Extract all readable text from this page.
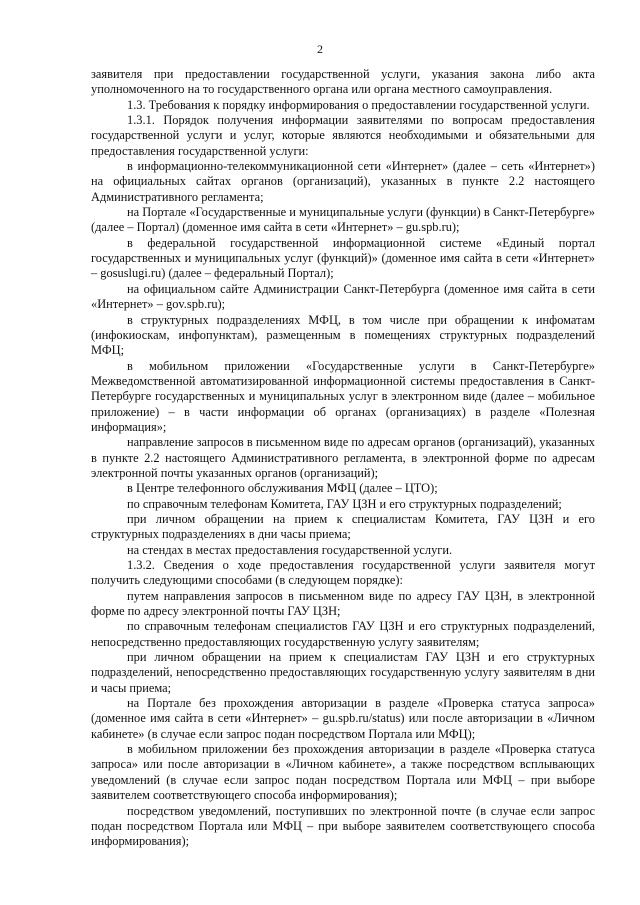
2

заявителя при предоставлении государственной услуги, указания закона либо акта уполномоченного на то государственного органа или органа местного самоуправления.

1.3. Требования к порядку информирования о предоставлении государственной услуги.

1.3.1. Порядок получения информации заявителями по вопросам предоставления государственной услуги и услуг, которые являются необходимыми и обязательными для предоставления государственной услуги:

в информационно-телекоммуникационной сети «Интернет» (далее – сеть «Интернет») на официальных сайтах органов (организаций), указанных в пункте 2.2 настоящего Административного регламента;

на Портале «Государственные и муниципальные услуги (функции) в Санкт-Петербурге» (далее – Портал) (доменное имя сайта в сети «Интернет» – gu.spb.ru);

в федеральной государственной информационной системе «Единый портал государственных и муниципальных услуг (функций)» (доменное имя сайта в сети «Интернет» – gosuslugi.ru) (далее – федеральный Портал);

на официальном сайте Администрации Санкт-Петербурга (доменное имя сайта в сети «Интернет» – gov.spb.ru);

в структурных подразделениях МФЦ, в том числе при обращении к инфоматам (инфокиоскам, инфопунктам), размещенным в помещениях структурных подразделений МФЦ;

в мобильном приложении «Государственные услуги в Санкт-Петербурге» Межведомственной автоматизированной информационной системы предоставления в Санкт-Петербурге государственных и муниципальных услуг в электронном виде (далее – мобильное приложение) – в части информации об органах (организациях) в разделе «Полезная информация»;

направление запросов в письменном виде по адресам органов (организаций), указанных в пункте 2.2 настоящего Административного регламента, в электронной форме по адресам электронной почты указанных органов (организаций);

в Центре телефонного обслуживания МФЦ (далее – ЦТО);

по справочным телефонам Комитета, ГАУ ЦЗН и его структурных подразделений;

при личном обращении на прием к специалистам Комитета, ГАУ ЦЗН и его структурных подразделениях в дни часы приема;

на стендах в местах предоставления государственной услуги.

1.3.2. Сведения о ходе предоставления государственной услуги заявителя могут получить следующими способами (в следующем порядке):

путем направления запросов в письменном виде по адресу ГАУ ЦЗН, в электронной форме по адресу электронной почты ГАУ ЦЗН;

по справочным телефонам специалистов ГАУ ЦЗН и его структурных подразделений, непосредственно предоставляющих государственную услугу заявителям;

при личном обращении на прием к специалистам ГАУ ЦЗН и его структурных подразделений, непосредственно предоставляющих государственную услугу заявителям в дни и часы приема;

на Портале без прохождения авторизации в разделе «Проверка статуса запроса» (доменное имя сайта в сети «Интернет» – gu.spb.ru/status) или после авторизации в «Личном кабинете» (в случае если запрос подан посредством Портала или МФЦ);

в мобильном приложении без прохождения авторизации в разделе «Проверка статуса запроса» или после авторизации в «Личном кабинете», а также посредством всплывающих уведомлений (в случае если запрос подан посредством Портала или МФЦ – при выборе заявителем соответствующего способа информирования);

посредством уведомлений, поступивших по электронной почте (в случае если запрос подан посредством Портала или МФЦ – при выборе заявителем соответствующего способа информирования);
